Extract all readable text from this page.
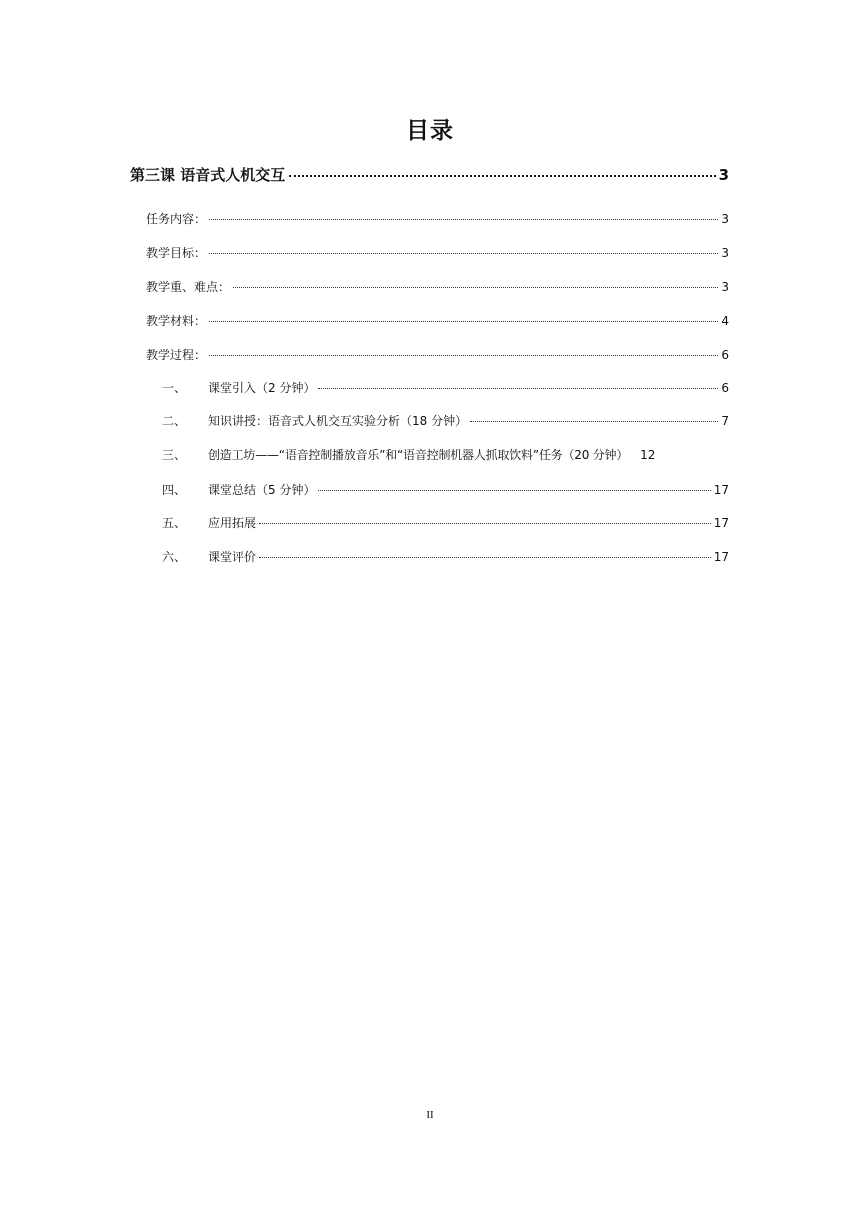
目录
第三课 语音式人机交互	3
任务内容：	3
教学目标：	3
教学重、难点：	3
教学材料：	4
教学过程：	6
一、	课堂引入（2 分钟）	6
二、	知识讲授：语音式人机交互实验分析（18 分钟）	7
三、	创造工坊——“语音控制播放音乐”和“语音控制机器人抓取饮料”任务（20 分钟） 12
四、	课堂总结（5 分钟）	17
五、	应用拓展	17
六、	课堂评价	17
II
